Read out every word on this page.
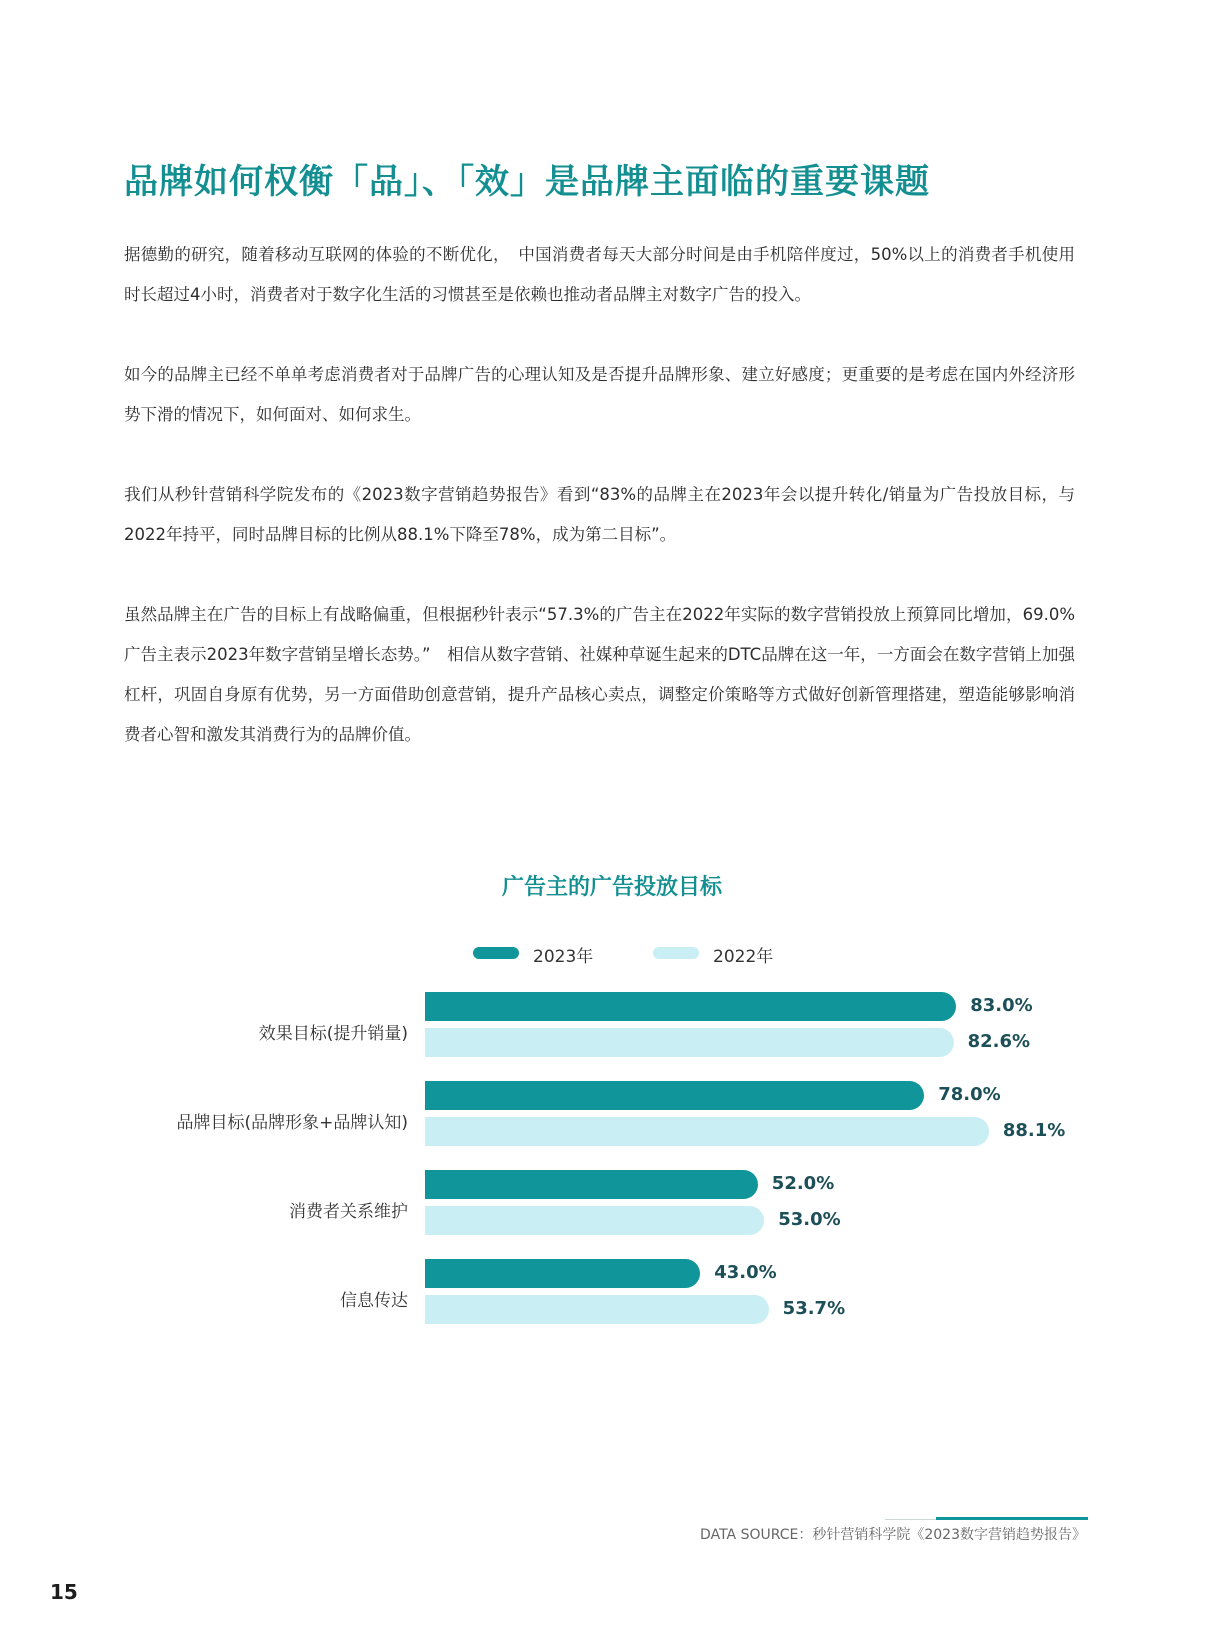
品牌如何权衡「品」、「效」是品牌主面临的重要课题

据德勤的研究，随着移动互联网的体验的不断优化，　中国消费者每天大部分时间是由手机陪伴度过，50%以上的消费者手机使用时长超过4小时，消费者对于数字化生活的习惯甚至是依赖也推动者品牌主对数字广告的投入。

如今的品牌主已经不单单考虑消费者对于品牌广告的心理认知及是否提升品牌形象、建立好感度；更重要的是考虑在国内外经济形势下滑的情况下，如何面对、如何求生。

我们从秒针营销科学院发布的《2023数字营销趋势报告》看到“83%的品牌主在2023年会以提升转化/销量为广告投放目标，与2022年持平，同时品牌目标的比例从88.1%下降至78%，成为第二目标”。

虽然品牌主在广告的目标上有战略偏重，但根据秒针表示“57.3%的广告主在2022年实际的数字营销投放上预算同比增加，69.0%广告主表示2023年数字营销呈增长态势。”　相信从数字营销、社媒种草诞生起来的DTC品牌在这一年，一方面会在数字营销上加强杠杆，巩固自身原有优势，另一方面借助创意营销，提升产品核心卖点，调整定价策略等方式做好创新管理搭建，塑造能够影响消费者心智和激发其消费行为的品牌价值。

广告主的广告投放目标
2023年	2022年
效果目标(提升销量)
83.0%
82.6%
品牌目标(品牌形象+品牌认知)
78.0%
88.1%
消费者关系维护
52.0%
53.0%
信息传达
43.0%
53.7%
DATA SOURCE：秒针营销科学院《2023数字营销趋势报告》
15
